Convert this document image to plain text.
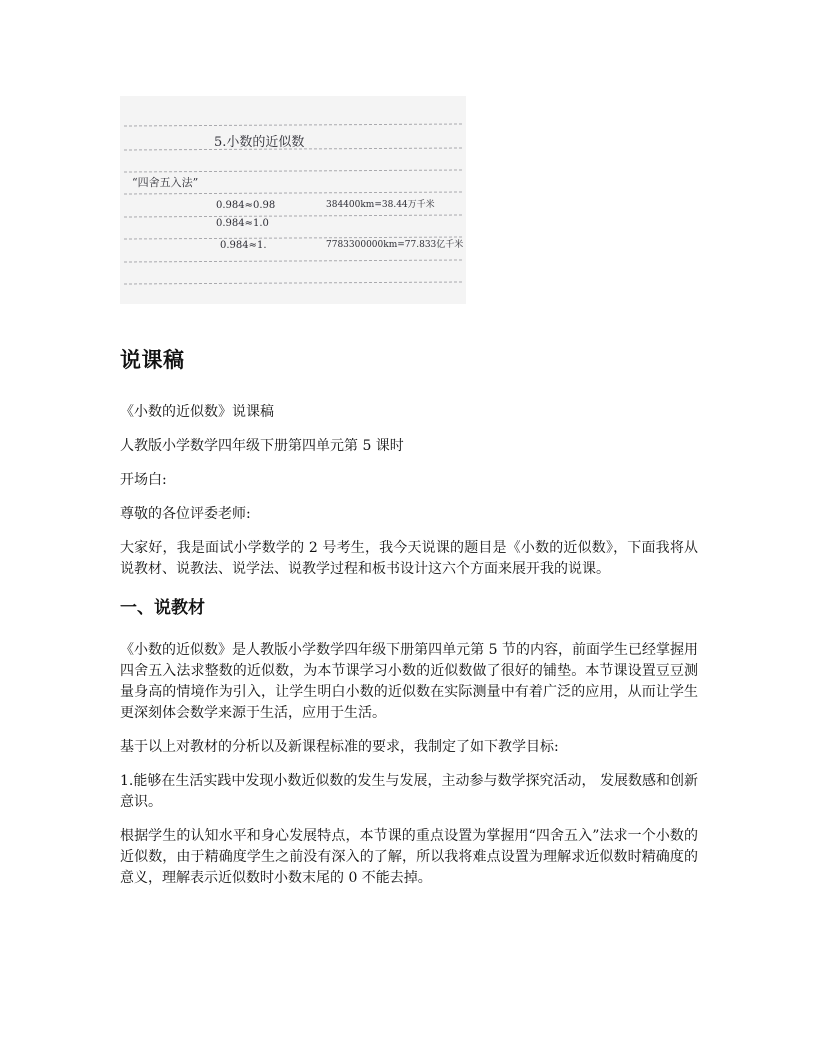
5.小数的近似数
“四舍五入法”
0.984≈0.98	384400km=38.44万千米
0.984≈1.0
0.984≈1.	7783300000km=77.833亿千米
说课稿

《小数的近似数》说课稿

人教版小学数学四年级下册第四单元第 5 课时

开场白:

尊敬的各位评委老师:

大家好，我是面试小学数学的 2 号考生，我今天说课的题目是《小数的近似数》，下面我将从说教材、说教法、说学法、说教学过程和板书设计这六个方面来展开我的说课。

一、说教材

《小数的近似数》是人教版小学数学四年级下册第四单元第 5 节的内容，前面学生已经掌握用四舍五入法求整数的近似数，为本节课学习小数的近似数做了很好的铺垫。本节课设置豆豆测量身高的情境作为引入，让学生明白小数的近似数在实际测量中有着广泛的应用，从而让学生更深刻体会数学来源于生活，应用于生活。

基于以上对教材的分析以及新课程标准的要求，我制定了如下教学目标:

1.能够在生活实践中发现小数近似数的发生与发展，主动参与数学探究活动， 发展数感和创新意识。

根据学生的认知水平和身心发展特点，本节课的重点设置为掌握用“四舍五入”法求一个小数的近似数，由于精确度学生之前没有深入的了解，所以我将难点设置为理解求近似数时精确度的意义，理解表示近似数时小数末尾的 0 不能去掉。
